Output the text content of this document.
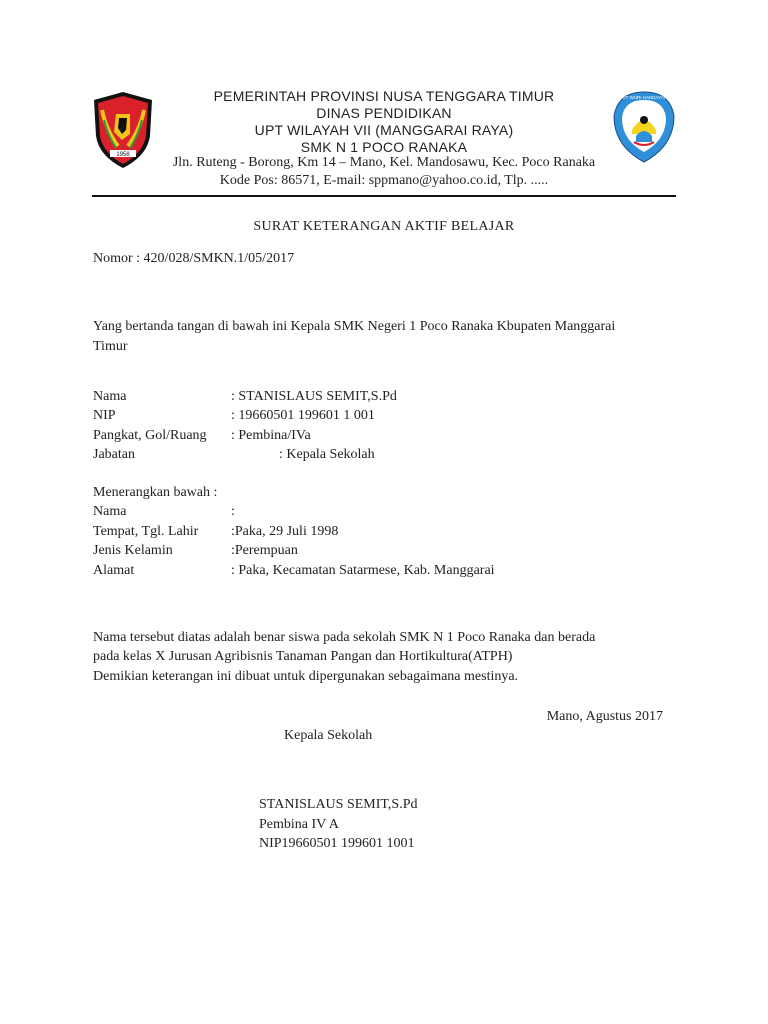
1958
TUT WURI HANDAYANI
PEMERINTAH PROVINSI NUSA TENGGARA TIMUR
DINAS PENDIDIKAN
UPT WILAYAH VII (MANGGARAI RAYA)
SMK N 1 POCO RANAKA
Jln. Ruteng - Borong, Km 14 – Mano, Kel. Mandosawu, Kec. Poco Ranaka
Kode Pos: 86571, E-mail: sppmano@yahoo.co.id, Tlp. .....
SURAT KETERANGAN AKTIF BELAJAR
Nomor : 420/028/SMKN.1/05/2017
Yang bertanda tangan di bawah ini Kepala SMK Negeri 1 Poco Ranaka Kbupaten Manggarai
Timur
Nama	: STANISLAUS SEMIT,S.Pd
NIP	: 19660501 199601 1 001
Pangkat, Gol/Ruang : Pembina/IVa
Jabatan	: Kepala Sekolah
Menerangkan bawah :
Nama	:
Tempat, Tgl. Lahir :Paka, 29 Juli 1998
Jenis Kelamin	:Perempuan
Alamat	: Paka, Kecamatan Satarmese, Kab. Manggarai
Nama tersebut diatas adalah benar siswa pada sekolah SMK N 1 Poco Ranaka dan berada
pada kelas X Jurusan Agribisnis Tanaman Pangan dan Hortikultura(ATPH)
Demikian keterangan ini dibuat untuk dipergunakan sebagaimana mestinya.
Mano, Agustus 2017
Kepala Sekolah
STANISLAUS SEMIT,S.Pd
Pembina IV A
NIP19660501 199601 1001
